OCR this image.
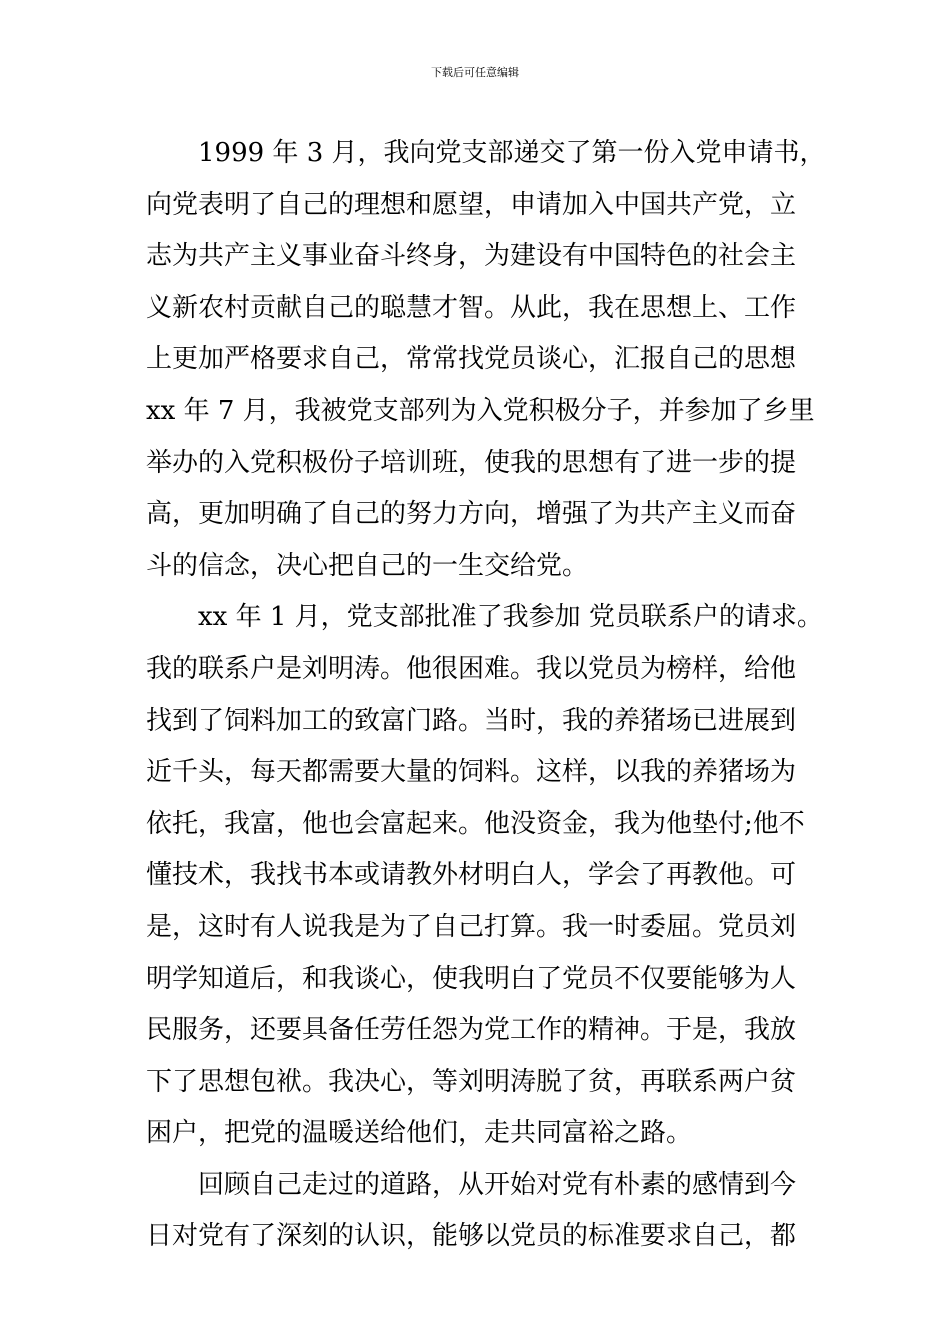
下载后可任意编辑
1999 年 3 月，我向党支部递交了第一份入党申请书，
向党表明了自己的理想和愿望，申请加入中国共产党，立
志为共产主义事业奋斗终身，为建设有中国特色的社会主
义新农村贡献自己的聪慧才智。从此，我在思想上、工作
上更加严格要求自己，常常找党员谈心，汇报自己的思想
xx 年 7 月，我被党支部列为入党积极分子，并参加了乡里
举办的入党积极份子培训班，使我的思想有了进一步的提
高，更加明确了自己的努力方向，增强了为共产主义而奋
斗的信念，决心把自己的一生交给党。
xx 年 1 月，党支部批准了我参加 党员联系户的请求。
我的联系户是刘明涛。他很困难。我以党员为榜样，给他
找到了饲料加工的致富门路。当时，我的养猪场已进展到
近千头，每天都需要大量的饲料。这样，以我的养猪场为
依托，我富，他也会富起来。他没资金，我为他垫付;他不
懂技术，我找书本或请教外材明白人，学会了再教他。可
是，这时有人说我是为了自己打算。我一时委屈。党员刘
明学知道后，和我谈心，使我明白了党员不仅要能够为人
民服务，还要具备任劳任怨为党工作的精神。于是，我放
下了思想包袱。我决心，等刘明涛脱了贫，再联系两户贫
困户，把党的温暖送给他们，走共同富裕之路。
回顾自己走过的道路，从开始对党有朴素的感情到今
日对党有了深刻的认识，能够以党员的标准要求自己，都
